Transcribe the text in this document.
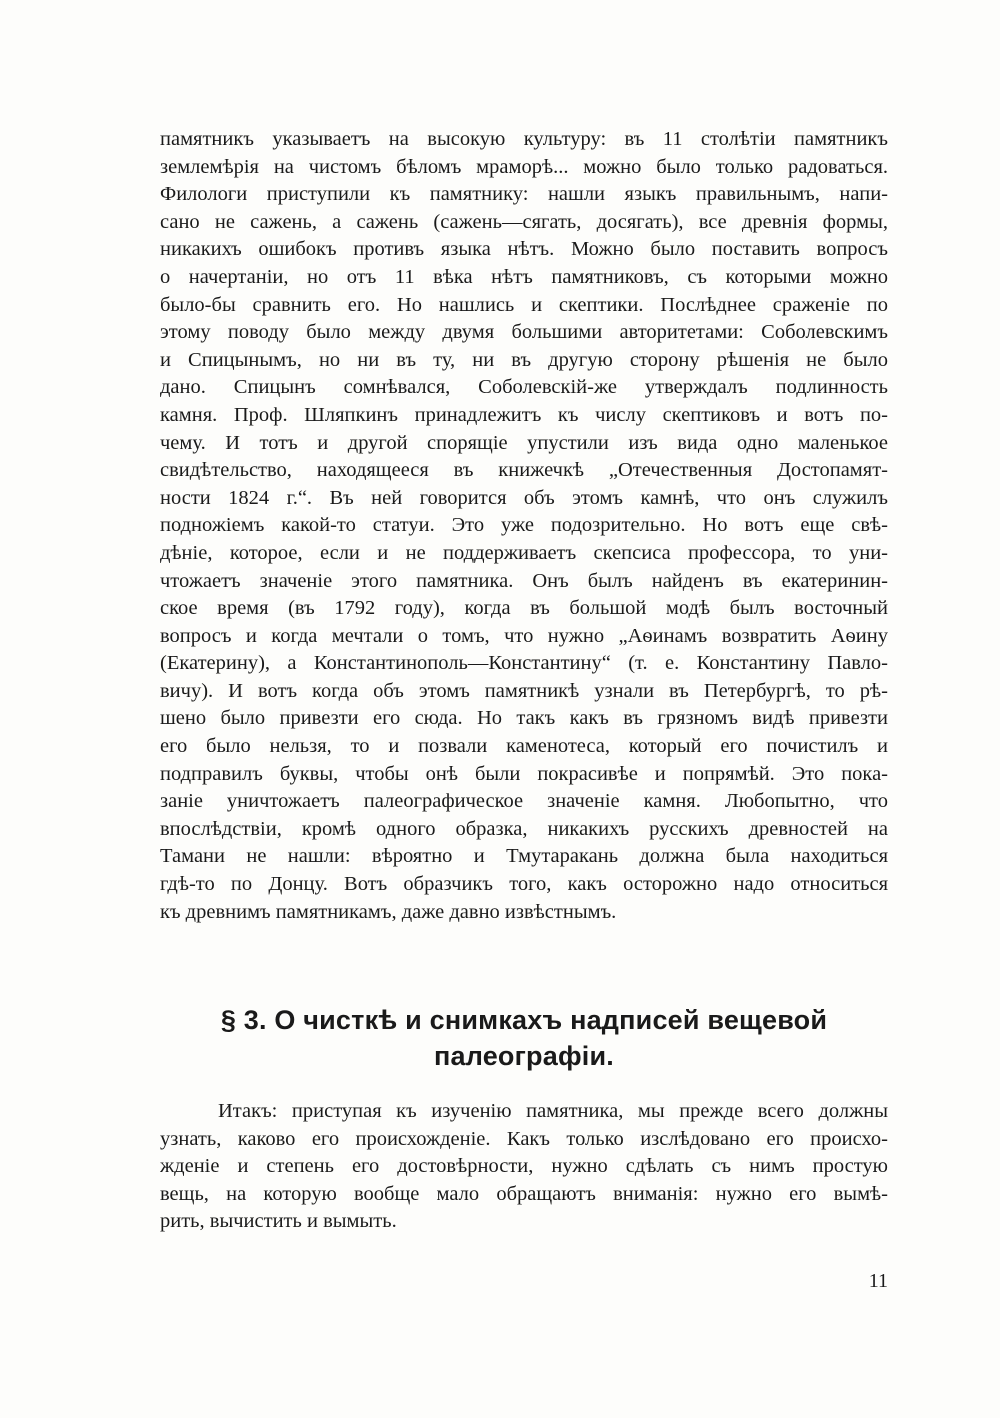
памятникъ указываетъ на высокую культуру: въ 11 столѣтіи памятникъ
землемѣрія на чистомъ бѣломъ мраморѣ... можно было только радоваться.
Филологи приступили къ памятнику: нашли языкъ правильнымъ, напи-
сано не сажень, а сажень (сажень—сягать, досягать), все древнія формы,
никакихъ ошибокъ противъ языка нѣтъ. Можно было поставить вопросъ
о начертаніи, но отъ 11 вѣка нѣтъ памятниковъ, съ которыми можно
было-бы сравнить его. Но нашлись и скептики. Послѣднее сраженіе по
этому поводу было между двумя большими авторитетами: Соболевскимъ
и Спицынымъ, но ни въ ту, ни въ другую сторону рѣшенія не было
дано. Спицынъ сомнѣвался, Соболевскій-же утверждалъ подлинность
камня. Проф. Шляпкинъ принадлежитъ къ числу скептиковъ и вотъ по-
чему. И тотъ и другой спорящіе упустили изъ вида одно маленькое
свидѣтельство, находящееся въ книжечкѣ „Отечественныя Достопамят-
ности 1824 г.“. Въ ней говорится объ этомъ камнѣ, что онъ служилъ
подножіемъ какой-то статуи. Это уже подозрительно. Но вотъ еще свѣ-
дѣніе, которое, если и не поддерживаетъ скепсиса профессора, то уни-
чтожаетъ значеніе этого памятника. Онъ былъ найденъ въ екатеринин-
ское время (въ 1792 году), когда въ большой модѣ былъ восточный
вопросъ и когда мечтали о томъ, что нужно „Аѳинамъ возвратить Аѳину
(Екатерину), а Константинополь—Константину“ (т. е. Константину Павло-
вичу). И вотъ когда объ этомъ памятникѣ узнали въ Петербургѣ, то рѣ-
шено было привезти его сюда. Но такъ какъ въ грязномъ видѣ привезти
его было нельзя, то и позвали каменотеса, который его почистилъ и
подправилъ буквы, чтобы онѣ были покрасивѣе и попрямѣй. Это пока-
заніе уничтожаетъ палеографическое значеніе камня. Любопытно, что
впослѣдствіи, кромѣ одного образка, никакихъ русскихъ древностей на
Тамани не нашли: вѣроятно и Тмутаракань должна была находиться
гдѣ-то по Донцу. Вотъ образчикъ того, какъ осторожно надо относиться
къ древнимъ памятникамъ, даже давно извѣстнымъ.
§ 3. О чисткѣ и снимкахъ надписей вещевой
палеографіи.
Итакъ: приступая къ изученію памятника, мы прежде всего должны
узнать, каково его происхожденіе. Какъ только изслѣдовано его происхо-
жденіе и степень его достовѣрности, нужно сдѣлать съ нимъ простую
вещь, на которую вообще мало обращаютъ вниманія: нужно его вымѣ-
рить, вычистить и вымыть.
11
